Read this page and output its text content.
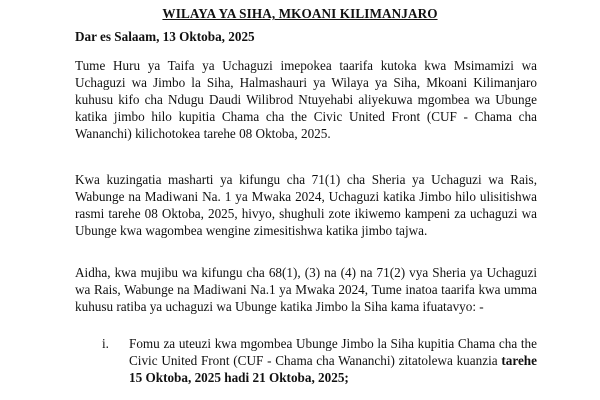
WILAYA YA SIHA, MKOANI KILIMANJARO
Dar es Salaam, 13 Oktoba, 2025

Tume Huru ya Taifa ya Uchaguzi imepokea taarifa kutoka kwa Msimamizi wa Uchaguzi wa Jimbo la Siha, Halmashauri ya Wilaya ya Siha, Mkoani Kilimanjaro kuhusu kifo cha Ndugu Daudi Wilibrod Ntuyehabi aliyekuwa mgombea wa Ubunge katika jimbo hilo kupitia Chama cha the Civic United Front (CUF - Chama cha Wananchi) kilichotokea tarehe 08 Oktoba, 2025.

Kwa kuzingatia masharti ya kifungu cha 71(1) cha Sheria ya Uchaguzi wa Rais, Wabunge na Madiwani Na. 1 ya Mwaka 2024, Uchaguzi katika Jimbo hilo ulisitishwa rasmi tarehe 08 Oktoba, 2025, hivyo, shughuli zote ikiwemo kampeni za uchaguzi wa Ubunge kwa wagombea wengine zimesitishwa katika jimbo tajwa.

Aidha, kwa mujibu wa kifungu cha 68(1), (3) na (4) na 71(2) vya Sheria ya Uchaguzi wa Rais, Wabunge na Madiwani Na.1 ya Mwaka 2024, Tume inatoa taarifa kwa umma kuhusu ratiba ya uchaguzi wa Ubunge katika Jimbo la Siha kama ifuatavyo: -

i.	Fomu za uteuzi kwa mgombea Ubunge Jimbo la Siha kupitia Chama cha the Civic United Front (CUF - Chama cha Wananchi) zitatolewa kuanzia tarehe 15 Oktoba, 2025 hadi 21 Oktoba, 2025;
